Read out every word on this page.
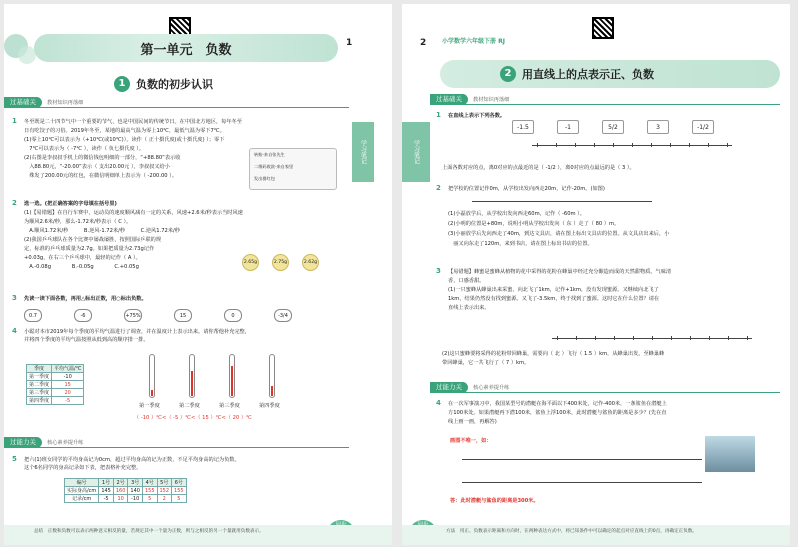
第一单元　负数	1
1 负数的初步认识
过基础关	教材知识再落细
1 冬至既是二十四节气中一个重要的节气，也是中国民间的传统节日。在中国北方地区，每年冬至
日有吃饺子的习俗。2019年冬至，某地的最高气温为零上10℃，最低气温为零下7℃。
(1)零上10℃可以表示为（+10℃(或10℃)），读作（ 正十摄氏度(或十摄氏度) ）；零下
　7℃可以表示为（ -7℃ ），读作（ 负七摄氏度 ）。
(2)右图是李叔叔手机上的微信钱包明细的一部分，“+88.80”表示收
　入88.80元，“-20.00”表示（ 支出20.00元 ），李叔叔又给小
　殊发了200.00元的红包，在微信明细单上表示为（ -200.00 ）。
转账-来自张先生
二维码收款-来自家里
发出群红包
2 选一选。(把正确答案的字母填在括号里)
(1)【易错题】在自行车赛中，运动员的速度顺风减有一定的关系，风速+2.6米/秒表示当时风速
为顺风2.6米/秒，那么-1.72米/秒表示（ C ）。
　A.顺风1.72米/秒　　　B.逆风-1.72米/秒　　　C.逆风1.72米/秒
(2)我国乒乓球队在各个比赛中屡战屡胜，按照国际乒联的规
定，标准的乒乓球质量为2.7g。如果把质量为2.73g记作
+0.03g，在右三个乒乓球中，最轻的记作（ A ）。
　A.-0.08g　　　　B.-0.05g　　　　C.+0.05g
2.65g	2.75g	2.62g
3 先读一读下面各数，再用△标出正数，用○标出负数。
0.7	-6	+75%	15	0	-3/4
4 小聪对本市2019年每个季度的平均气温进行了调查，并在温度计上表示出来。请你帮他补充完整，
并将四个季度的平均气温按照从低到高的顺序排一排。
季度	平均气温/℃
第一季度	-10
第二季度	15
第三季度	20
第四季度	-5
第一季度	第二季度	第三季度	第四季度
（ -10 ）℃<（ -5 ）℃<（ 15 ）℃<（ 20 ）℃
过能力关	核心素养提升练
5 把六(1)班女同学的平均身高记为0cm，超过平均身高的记为正数，不足平均身高的记为负数。
这个6名同学的身高记录如下表，把表格补充完整。
编号	1号	2号	3号	4号	5号	6号
实际身高/cm	145	160	140	155	152	155
记录/cm	-5	10	-10	5	2	5
学习笔记

总结　正数和负数可以表示两种意义相反的量，若规定其中一个量为正数，则与之相反的另一个量就用负数表示。
2	小学数学六年级下册 RJ
2 用直线上的点表示正、负数
过基础关	教材知识再落细
1 在直线上表示下列各数。
-1.5	-1	5/2	3	-1/2
上面各数对应的点，离0对应的点最近的是（ -1/2 ），离0对应的点最远的是（ 3 ）。
2 把学校的位置记作0m，从学校出发向西走20m，记作-20m。(如图)
(1)小磊放学后，从学校出发向西走60m，记作（ -60m ）。
(2)小明的位置是+80m，说明小明从学校出发向（ 东 ）走了（ 80 ）m。
(3)小丽放学后先向西走了40m，到达文具店，请在图上标出文具店的位置。从文具店出来后，小
　丽又向东走了120m，来到书店，请在图上标出书店的位置。
3 【易错题】蜂蜜是蜜蜂从植物的花中采得的花粉在蜂巢中经过充分酿造而成的天然甜物质。气味清
香，口感香甜。
(1)一只蜜蜂从蜂巢出来采蜜，向北飞了1km，记作+1km，没有发现蜜源。又继续向北飞了
1km，结果仍然没有找到蜜源。又飞了-3.5km，终于找到了蜜源。这时它在什么位置？请在
直线上表示出来。
(2)这只蜜蜂要将采得的花粉带回蜂巢，需要向（ 北 ）飞行（ 1.5 ）km，从蜂巢出发，至蜂巢蜂
带回蜂巢，它一共飞行了（ 7 ）km。
过能力关	核心素养提升练
4 在一次军事演习中，我国某型号的潜艇在海平面以下400米处，记作-400米，一条鲨鱼在潜艇上
方100米处。如果潜艇再下潜100米，鲨鱼上浮100米，此时潜艇与鲨鱼的距离是多少？(先在直
线上画一画，再解答)
画图不唯一，如：
答：此时潜艇与鲨鱼的距离是300米。
学习笔记

方法　用正、负数表示距离和方向时，在两种表达方式中，将已知条件中可以确定的起点对应直线上的0点，再确定正负数。
